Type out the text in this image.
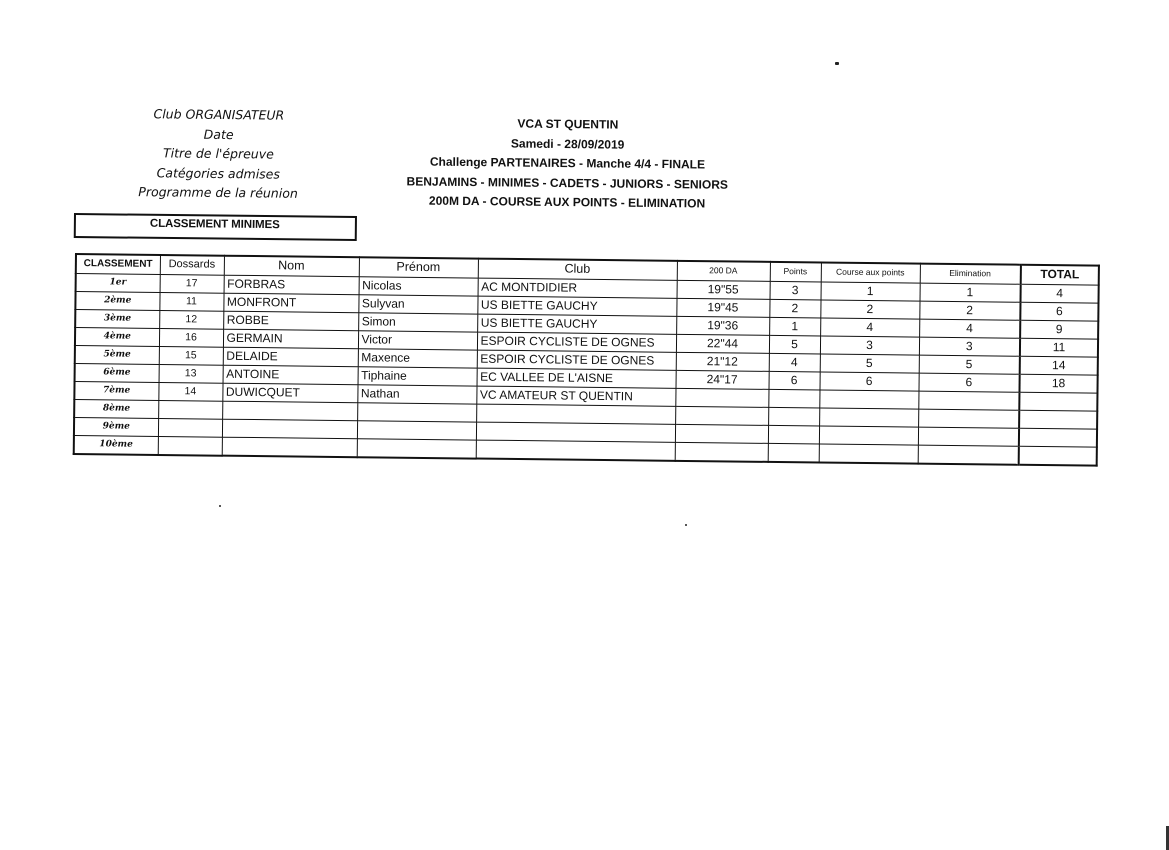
Club ORGANISATEUR
Date
Titre de l'épreuve
Catégories admises
Programme de la réunion
VCA ST QUENTIN
Samedi - 28/09/2019
Challenge PARTENAIRES - Manche 4/4 - FINALE
BENJAMINS - MINIMES - CADETS - JUNIORS - SENIORS
200M DA - COURSE AUX POINTS - ELIMINATION
CLASSEMENT MINIMES
CLASSEMENT	Dossards	Nom	Prénom	Club	200 DA	Points	Course aux points	Elimination	TOTAL
1er	17	FORBRAS	Nicolas	AC MONTDIDIER	19"55	3	1	1	4
2ème	11	MONFRONT	Sulyvan	US BIETTE GAUCHY	19"45	2	2	2	6
3ème	12	ROBBE	Simon	US BIETTE GAUCHY	19"36	1	4	4	9
4ème	16	GERMAIN	Victor	ESPOIR CYCLISTE DE OGNES	22"44	5	3	3	11
5ème	15	DELAIDE	Maxence	ESPOIR CYCLISTE DE OGNES	21"12	4	5	5	14
6ème	13	ANTOINE	Tiphaine	EC VALLEE DE L'AISNE	24"17	6	6	6	18
7ème	14	DUWICQUET	Nathan	VC AMATEUR ST QUENTIN					
8ème									
9ème									
10ème									
